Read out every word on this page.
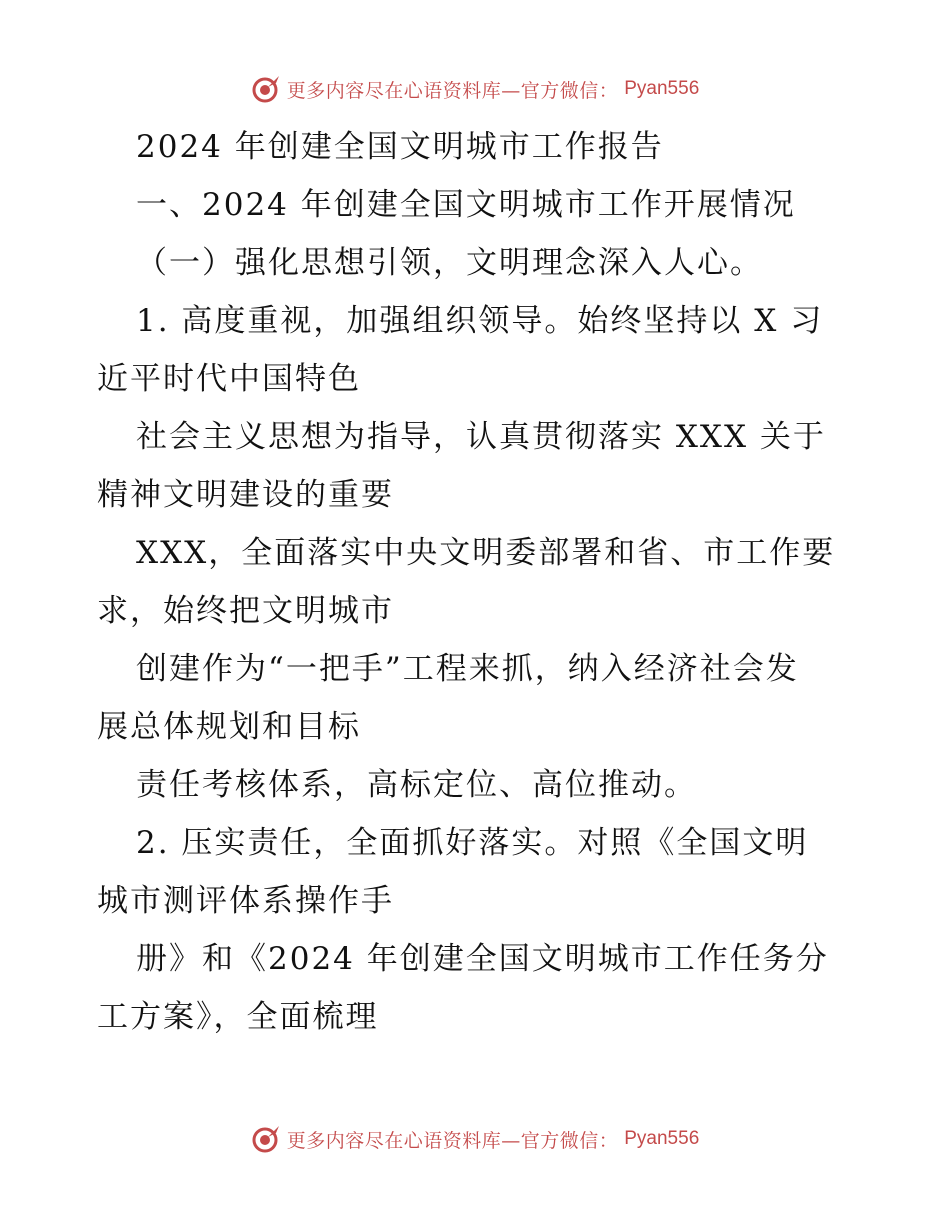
更多内容尽在心语资料库—官方微信： Pyan556

2024 年创建全国文明城市工作报告

一、2024 年创建全国文明城市工作开展情况

（一）强化思想引领，文明理念深入人心。

1. 高度重视，加强组织领导。始终坚持以 X 习

近平时代中国特色

社会主义思想为指导，认真贯彻落实 XXX 关于

精神文明建设的重要

XXX，全面落实中央文明委部署和省、市工作要

求，始终把文明城市

创建作为“一把手”工程来抓，纳入经济社会发

展总体规划和目标

责任考核体系，高标定位、高位推动。

2. 压实责任，全面抓好落实。对照《全国文明

城市测评体系操作手

册》和《2024 年创建全国文明城市工作任务分

工方案》，全面梳理

更多内容尽在心语资料库—官方微信： Pyan556
